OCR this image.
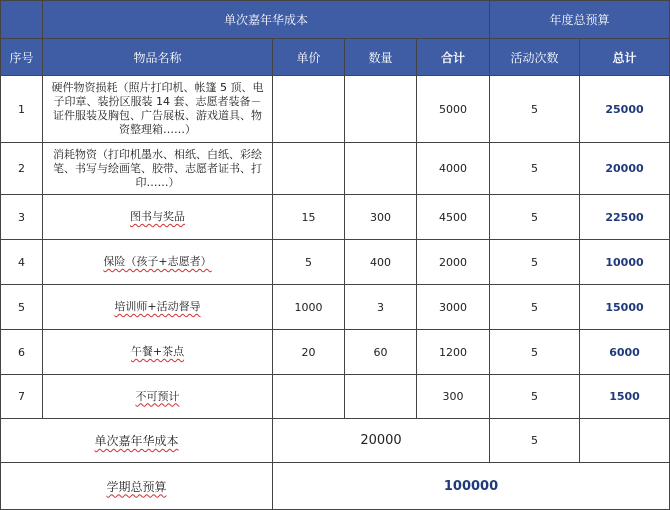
	单次嘉年华成本				年度总预算	
序号	物品名称	单价	数量	合计	活动次数	总计
1	硬件物资损耗（照片打印机、帐篷 5 顶、电子印章、装扮区服装 14 套、志愿者装备－证件服装及胸包、广告展板、游戏道具、物资整理箱……）			5000	5	25000
2	消耗物资（打印机墨水、相纸、白纸、彩绘笔、书写与绘画笔、胶带、志愿者证书、打印……）			4000	5	20000
3	图书与奖品	15	300	4500	5	22500
4	保险（孩子+志愿者）	5	400	2000	5	10000
5	培训师+活动督导	1000	3	3000	5	15000
6	午餐+茶点	20	60	1200	5	6000
7	不可预计			300	5	1500
单次嘉年华成本		20000			5	
学期总预算		100000				
